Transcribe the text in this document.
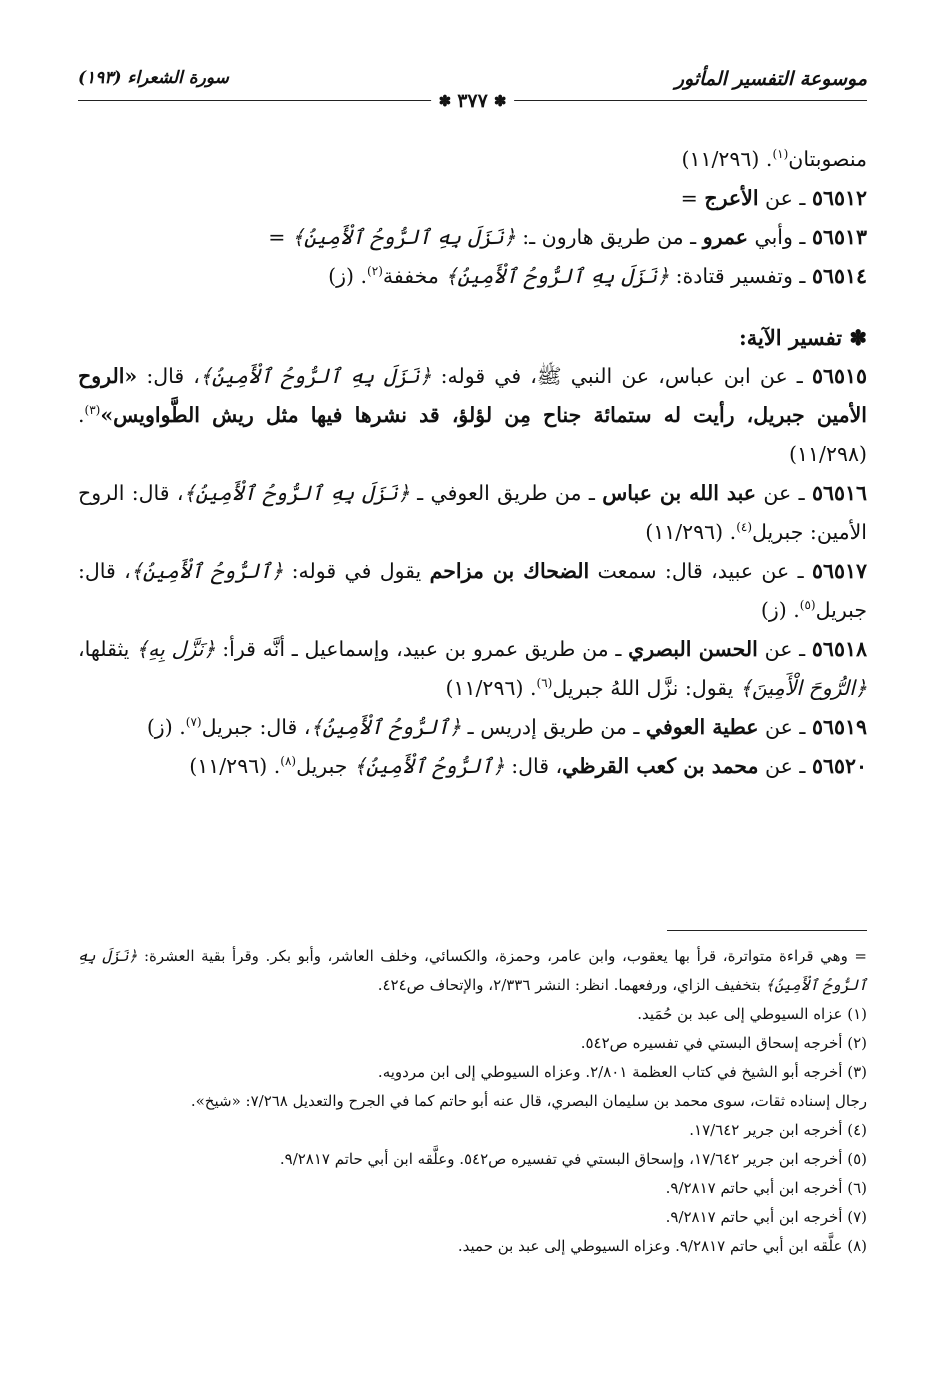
موسوعة التفسير المأثور
سورة الشعراء (١٩٣)
✽
٣٧٧
✽

منصوبتان$^{(١)}$. (١١/٢٩٦)

٥٦٥١٢ ـ عن الأعرج =

٥٦٥١٣ ـ وأبي عمرو ـ من طريق هارون ـ: ﴿نَزَلَ بِهِ ٱلرُّوحُ ٱلْأَمِينُ﴾ =

٥٦٥١٤ ـ وتفسير قتادة: ﴿نَزَلَ بِهِ ٱلرُّوحُ ٱلْأَمِينُ﴾ مخففة$^{(٢)}$. (ز)

✽ تفسير الآية:

٥٦٥١٥ ـ عن ابن عباس، عن النبي ﷺ، في قوله: ﴿نَزَلَ بِهِ ٱلرُّوحُ ٱلْأَمِينُ﴾، قال: «الروح الأمين جبريل، رأيت له ستمائة جناح مِن لؤلؤ، قد نشرها فيها مثل ريش الطَّواويس»$^{(٣)}$. (١١/٢٩٨)

٥٦٥١٦ ـ عن عبد الله بن عباس ـ من طريق العوفي ـ ﴿نَزَلَ بِهِ ٱلرُّوحُ ٱلْأَمِينُ﴾، قال: الروح الأمين: جبريل$^{(٤)}$. (١١/٢٩٦)

٥٦٥١٧ ـ عن عبيد، قال: سمعت الضحاك بن مزاحم يقول في قوله: ﴿ٱلرُّوحُ ٱلْأَمِينُ﴾، قال: جبريل$^{(٥)}$. (ز)

٥٦٥١٨ ـ عن الحسن البصري ـ من طريق عمرو بن عبيد، وإسماعيل ـ أنَّه قرأ: ﴿نَزَّل بِهِ﴾ يثقلها، ﴿الرُّوحَ الْأَمِينَ﴾ يقول: نزَّل اللهُ جبريل$^{(٦)}$. (١١/٢٩٦)

٥٦٥١٩ ـ عن عطية العوفي ـ من طريق إدريس ـ ﴿ٱلرُّوحُ ٱلْأَمِينُ﴾، قال: جبريل$^{(٧)}$. (ز)

٥٦٥٢٠ ـ عن محمد بن كعب القرظي، قال: ﴿ٱلرُّوحُ ٱلْأَمِينُ﴾ جبريل$^{(٨)}$. (١١/٢٩٦)

= وهي قراءة متواترة، قرأ بها يعقوب، وابن عامر، وحمزة، والكسائي، وخلف العاشر، وأبو بكر. وقرأ بقية العشرة: ﴿نَزَلَ بِهِ ٱلرُّوحُ ٱلْأَمِينُ﴾ بتخفيف الزاي، ورفعهما. انظر: النشر ٢/٣٣٦، والإتحاف ص٤٢٤.

(١) عزاه السيوطي إلى عبد بن حُمَيد.

(٢) أخرجه إسحاق البستي في تفسيره ص٥٤٢.

(٣) أخرجه أبو الشيخ في كتاب العظمة ٢/٨٠١. وعزاه السيوطي إلى ابن مردويه.

رجال إسناده ثقات، سوى محمد بن سليمان البصري، قال عنه أبو حاتم كما في الجرح والتعديل ٧/٢٦٨: «شيخ».

(٤) أخرجه ابن جرير ١٧/٦٤٢.

(٥) أخرجه ابن جرير ١٧/٦٤٢، وإسحاق البستي في تفسيره ص٥٤٢. وعلَّقه ابن أبي حاتم ٩/٢٨١٧.

(٦) أخرجه ابن أبي حاتم ٩/٢٨١٧.

(٧) أخرجه ابن أبي حاتم ٩/٢٨١٧.

(٨) علَّقه ابن أبي حاتم ٩/٢٨١٧. وعزاه السيوطي إلى عبد بن حميد.
